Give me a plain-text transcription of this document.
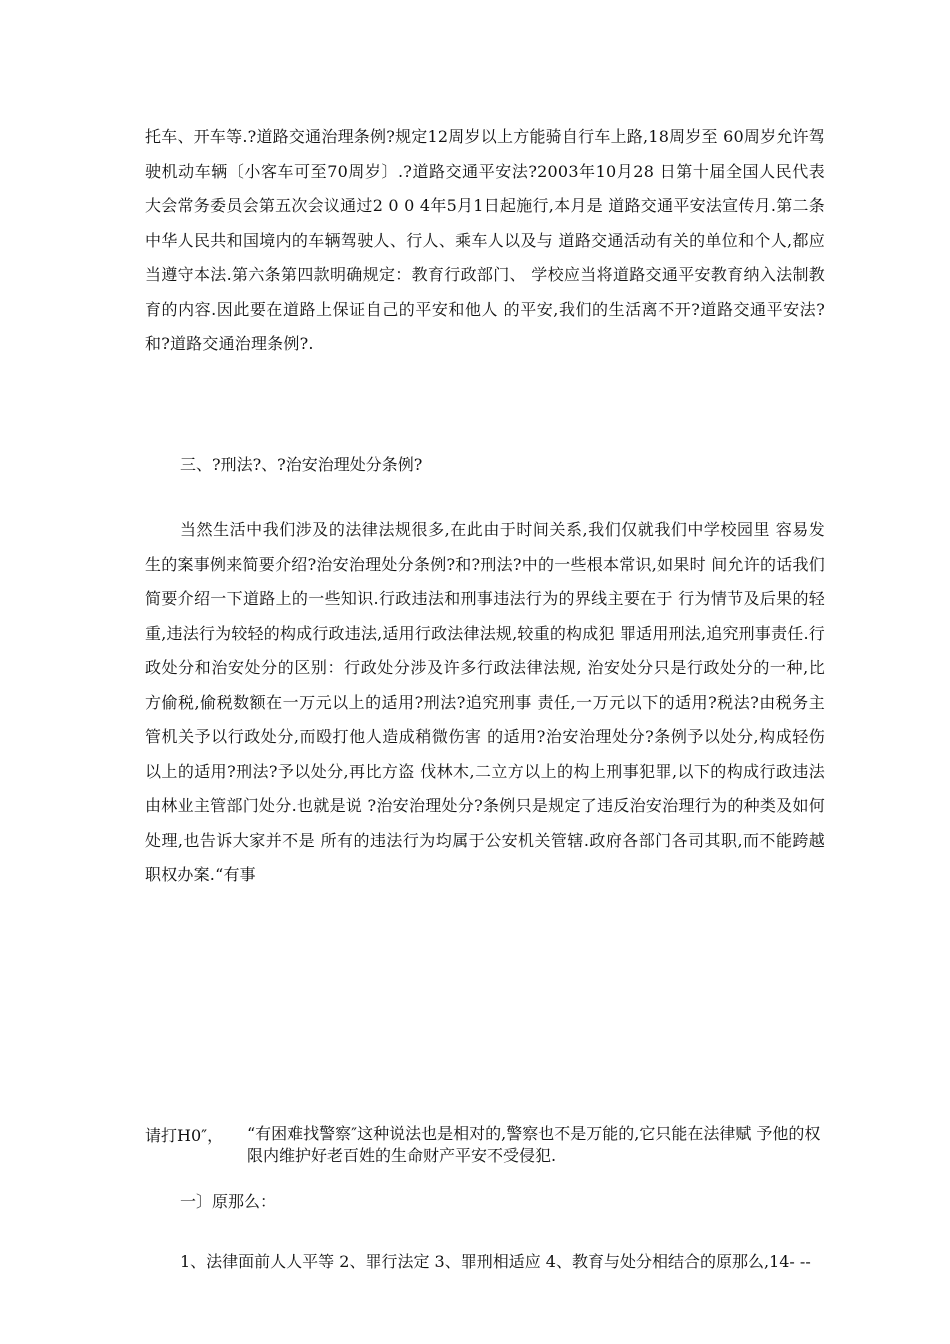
托车、开车等.?道路交通治理条例?规定12周岁以上方能骑自行车上路,18周岁至 60周岁允许驾驶机动车辆〔小客车可至70周岁〕.?道路交通平安法?2003年10月28 日第十届全国人民代表大会常务委员会第五次会议通过2 0 0 4年5月1日起施行,本月是 道路交通平安法宣传月.第二条中华人民共和国境内的车辆驾驶人、行人、乘车人以及与 道路交通活动有关的单位和个人,都应当遵守本法.第六条第四款明确规定：教育行政部门、 学校应当将道路交通平安教育纳入法制教育的内容.因此要在道路上保证自己的平安和他人 的平安,我们的生活离不开?道路交通平安法?和?道路交通治理条例?.

三、?刑法?、?治安治理处分条例?

当然生活中我们涉及的法律法规很多,在此由于时间关系,我们仅就我们中学校园里 容易发生的案事例来简要介绍?治安治理处分条例?和?刑法?中的一些根本常识,如果时 间允许的话我们简要介绍一下道路上的一些知识.行政违法和刑事违法行为的界线主要在于 行为情节及后果的轻重,违法行为较轻的构成行政违法,适用行政法律法规,较重的构成犯 罪适用刑法,追究刑事责任.行政处分和治安处分的区别：行政处分涉及许多行政法律法规, 治安处分只是行政处分的一种,比方偷税,偷税数额在一万元以上的适用?刑法?追究刑事 责任,一万元以下的适用?税法?由税务主管机关予以行政处分,而殴打他人造成稍微伤害 的适用?治安治理处分?条例予以处分,构成轻伤以上的适用?刑法?予以处分,再比方盗 伐林木,二立方以上的构上刑事犯罪,以下的构成行政违法由林业主管部门处分.也就是说 ?治安治理处分?条例只是规定了违反治安治理行为的种类及如何处理,也告诉大家并不是 所有的违法行为均属于公安机关管辖.政府各部门各司其职,而不能跨越职权办案.“有事

请打H0″， “有困难找警察″这种说法也是相对的,警察也不是万能的,它只能在法律赋 予他的权限内维护好老百姓的生命财产平安不受侵犯.

一〕原那么：

1、法律面前人人平等 2、罪行法定 3、罪刑相适应 4、教育与处分相结合的原那么,14- --
